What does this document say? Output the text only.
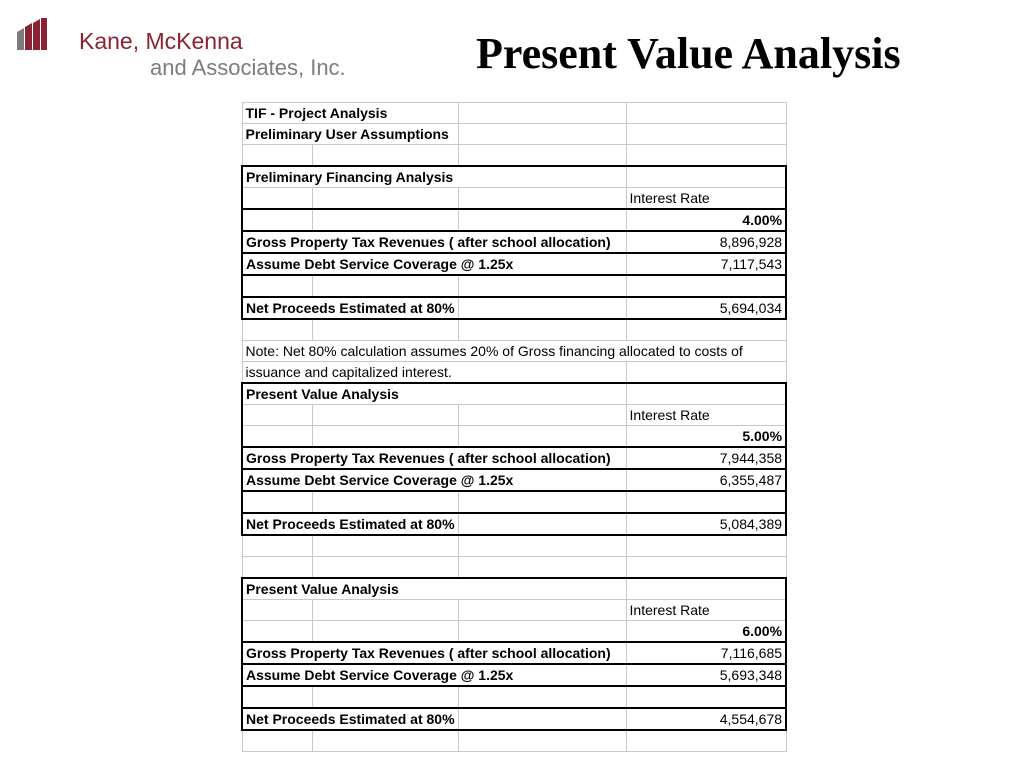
Kane, McKenna
and Associates, Inc.	Present Value Analysis
TIF - Project Analysis			
Preliminary User Assumptions			

Preliminary Financing Analysis			
			Interest Rate
			4.00%
Gross Property Tax Revenues ( after school allocation)			8,896,928
Assume Debt Service Coverage @ 1.25x			7,117,543

Net Proceeds Estimated at 80%			5,694,034

Note: Net 80% calculation assumes 20% of Gross financing allocated to costs of			
issuance and capitalized interest.			
Present Value Analysis			
			Interest Rate
			5.00%
Gross Property Tax Revenues ( after school allocation)			7,944,358
Assume Debt Service Coverage @ 1.25x			6,355,487

Net Proceeds Estimated at 80%			5,084,389

Present Value Analysis			
			Interest Rate
			6.00%
Gross Property Tax Revenues ( after school allocation)			7,116,685
Assume Debt Service Coverage @ 1.25x			5,693,348

Net Proceeds Estimated at 80%			4,554,678
